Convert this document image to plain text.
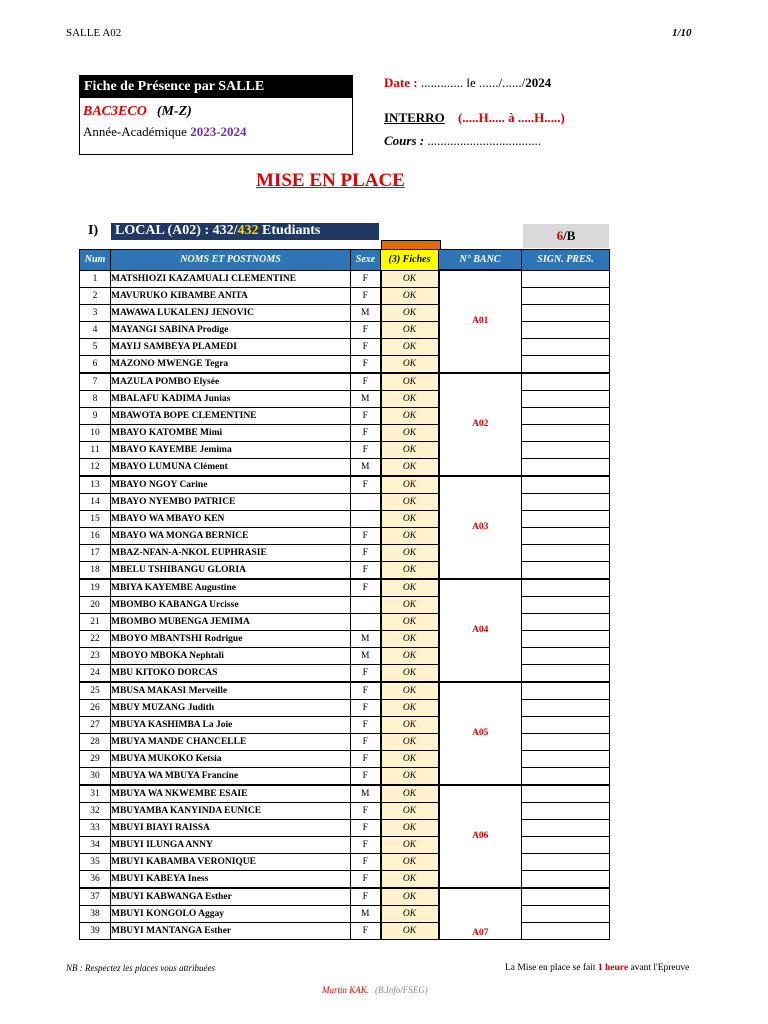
SALLE A02	1/10
Fiche de Présence par SALLE
BAC3ECO (M-Z)
Année-Académique 2023-2024
Date : ............. le ....../....../2024
INTERRO (.....H..... à .....H.....)
Cours : ...................................
MISE EN PLACE
I) LOCAL (A02) : 432/432 Etudiants	6/B
Num	NOMS ET POSTNOMS	Sexe	(3) Fiches	N° BANC	SIGN. PRES.
1	MATSHIOZI KAZAMUALI CLEMENTINE	F	OK	A01	
2	MAVURUKO KIBAMBE ANITA	F	OK		
3	MAWAWA LUKALENJ JENOVIC	M	OK		
4	MAYANGI SABINA Prodige	F	OK		
5	MAYIJ SAMBEYA PLAMEDI	F	OK		
6	MAZONO MWENGE Tegra	F	OK		
7	MAZULA POMBO Elysée	F	OK	A02	
8	MBALAFU KADIMA Junias	M	OK		
9	MBAWOTA BOPE CLEMENTINE	F	OK		
10	MBAYO KATOMBE Mimi	F	OK		
11	MBAYO KAYEMBE Jemima	F	OK		
12	MBAYO LUMUNA Clément	M	OK		
13	MBAYO NGOY Carine	F	OK	A03	
14	MBAYO NYEMBO PATRICE		OK		
15	MBAYO WA MBAYO KEN		OK		
16	MBAYO WA MONGA BERNICE	F	OK		
17	MBAZ-NFAN-A-NKOL EUPHRASIE	F	OK		
18	MBELU TSHIBANGU GLORIA	F	OK		
19	MBIYA KAYEMBE Augustine	F	OK	A04	
20	MBOMBO KABANGA Urcisse		OK		
21	MBOMBO MUBENGA JEMIMA		OK		
22	MBOYO MBANTSHI Rodrigue	M	OK		
23	MBOYO MBOKA Nephtali	M	OK		
24	MBU KITOKO DORCAS	F	OK		
25	MBUSA MAKASI Merveille	F	OK	A05	
26	MBUY MUZANG Judith	F	OK		
27	MBUYA KASHIMBA La Joie	F	OK		
28	MBUYA MANDE CHANCELLE	F	OK		
29	MBUYA MUKOKO Ketsia	F	OK		
30	MBUYA WA MBUYA Francine	F	OK		
31	MBUYA WA NKWEMBE ESAIE	M	OK	A06	
32	MBUYAMBA KANYINDA EUNICE	F	OK		
33	MBUYI BIAYI RAISSA	F	OK		
34	MBUYI ILUNGA ANNY	F	OK		
35	MBUYI KABAMBA VERONIQUE	F	OK		
36	MBUYI KABEYA Iness	F	OK		
37	MBUYI KABWANGA Esther	F	OK	A07	
38	MBUYI KONGOLO Aggay	M	OK		
39	MBUYI MANTANGA Esther	F	OK		
NB : Respectez les places vous attribuées	La Mise en place se fait 1 heure avant l'Epreuve
Martin KAK. (B.Info/FSEG)
